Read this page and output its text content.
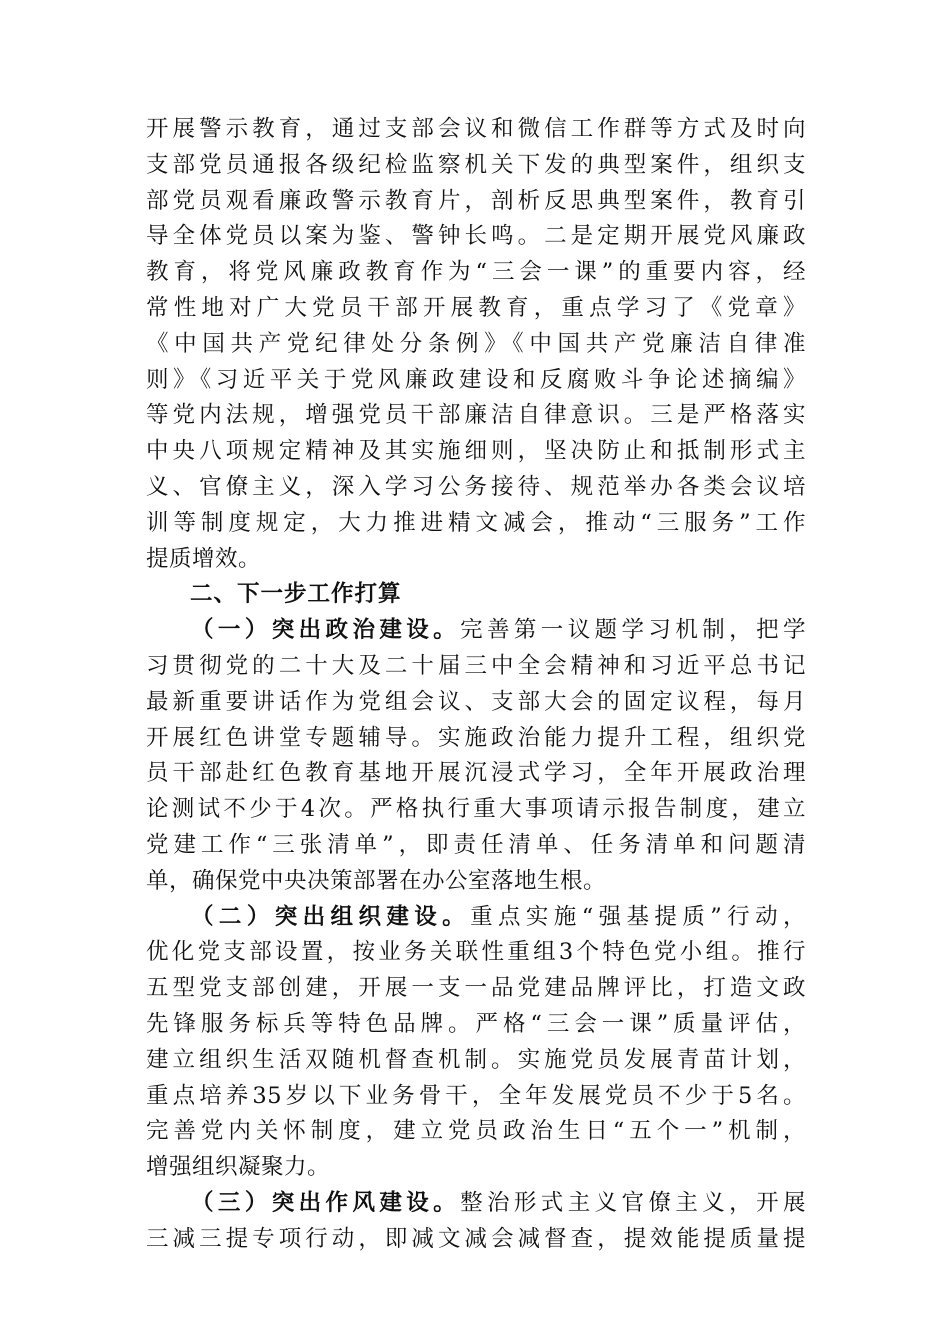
开展警示教育，通过支部会议和微信工作群等方式及时向

支部党员通报各级纪检监察机关下发的典型案件，组织支

部党员观看廉政警示教育片，剖析反思典型案件，教育引

导全体党员以案为鉴、警钟长鸣。二是定期开展党风廉政

教育，将党风廉政教育作为“三会一课”的重要内容，经

常性地对广大党员干部开展教育，重点学习了《党章》

《中国共产党纪律处分条例》《中国共产党廉洁自律准

则》《习近平关于党风廉政建设和反腐败斗争论述摘编》

等党内法规，增强党员干部廉洁自律意识。三是严格落实

中央八项规定精神及其实施细则，坚决防止和抵制形式主

义、官僚主义，深入学习公务接待、规范举办各类会议培

训等制度规定，大力推进精文减会，推动“三服务”工作

提质增效。

二、下一步工作打算

（一）突出政治建设。完善第一议题学习机制，把学

习贯彻党的二十大及二十届三中全会精神和习近平总书记

最新重要讲话作为党组会议、支部大会的固定议程，每月

开展红色讲堂专题辅导。实施政治能力提升工程，组织党

员干部赴红色教育基地开展沉浸式学习，全年开展政治理

论测试不少于4次。严格执行重大事项请示报告制度，建立

党建工作“三张清单”，即责任清单、任务清单和问题清

单，确保党中央决策部署在办公室落地生根。

（二）突出组织建设。重点实施“强基提质”行动，

优化党支部设置，按业务关联性重组3个特色党小组。推行

五型党支部创建，开展一支一品党建品牌评比，打造文政

先锋服务标兵等特色品牌。严格“三会一课”质量评估，

建立组织生活双随机督查机制。实施党员发展青苗计划，

重点培养35岁以下业务骨干，全年发展党员不少于5名。

完善党内关怀制度，建立党员政治生日“五个一”机制，

增强组织凝聚力。

（三）突出作风建设。整治形式主义官僚主义，开展

三减三提专项行动，即减文减会减督查，提效能提质量提
